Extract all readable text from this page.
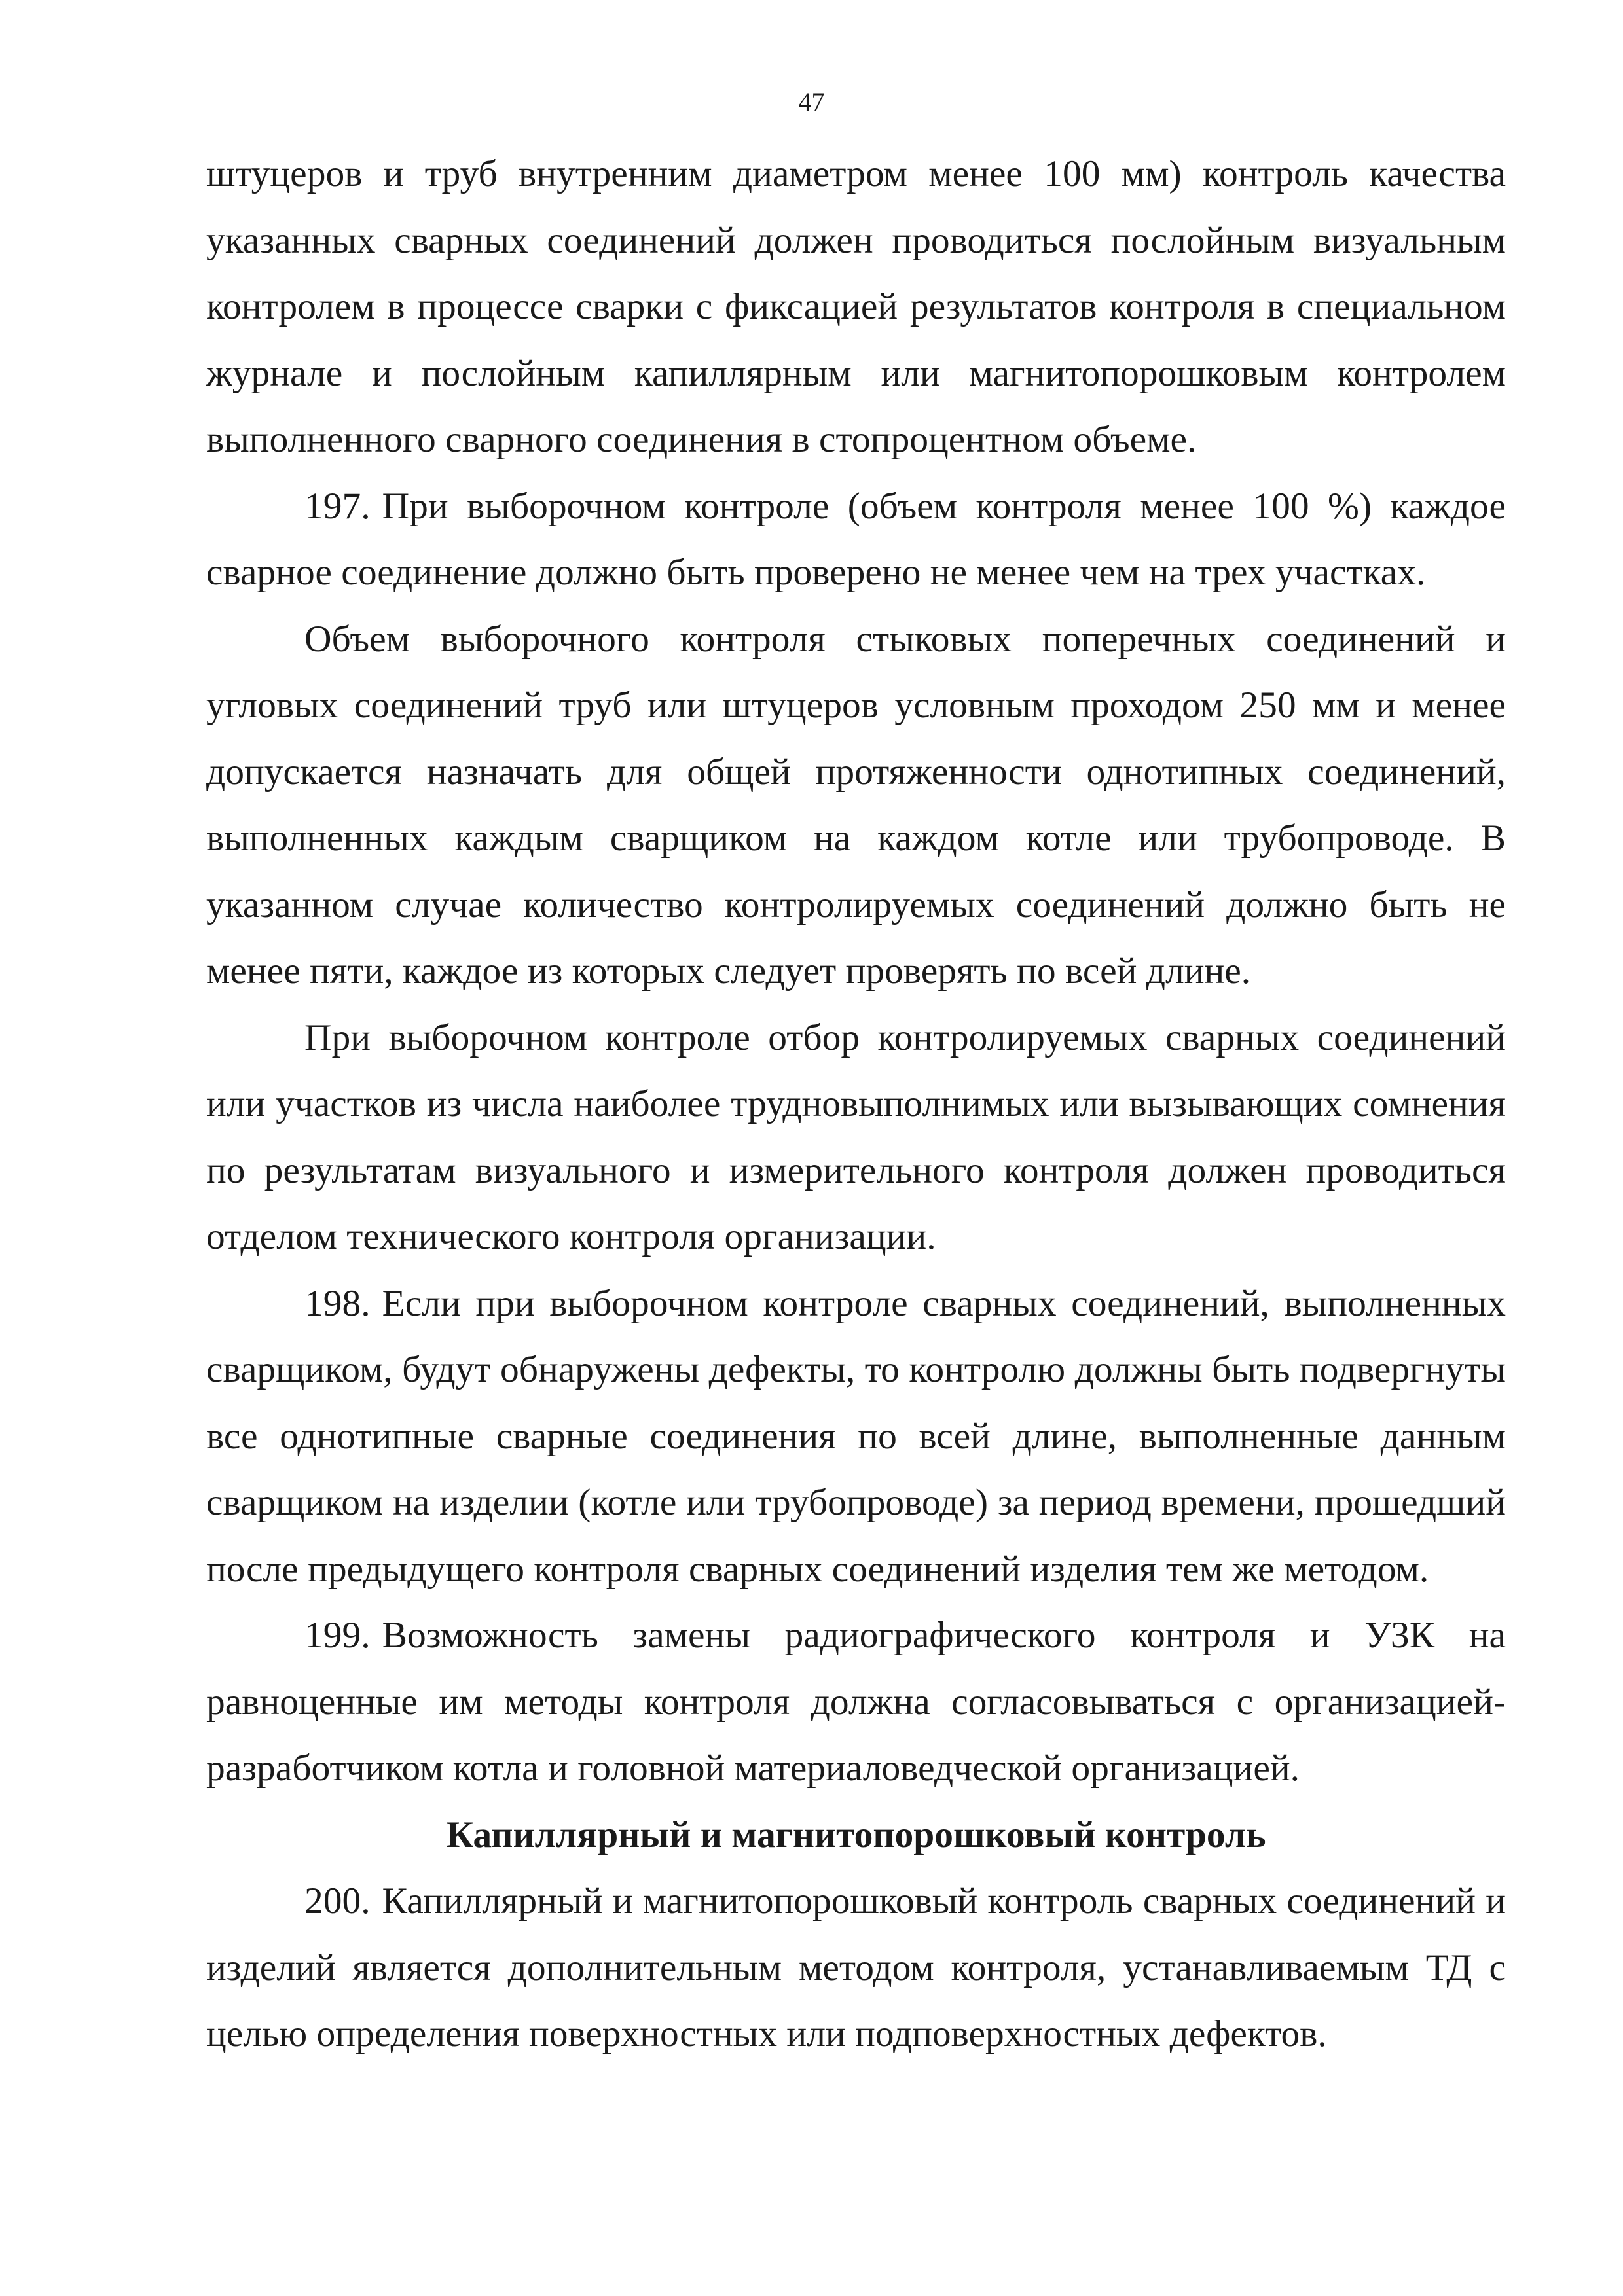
47

штуцеров и труб внутренним диаметром менее 100 мм) контроль качества указанных сварных соединений должен проводиться послойным визуальным контролем в процессе сварки с фиксацией результатов контроля в специальном журнале и послойным капиллярным или магнитопорошковым контролем выполненного сварного соединения в стопроцентном объеме.

197. При выборочном контроле (объем контроля менее 100 %) каждое сварное соединение должно быть проверено не менее чем на трех участках.

Объем выборочного контроля стыковых поперечных соединений и угловых соединений труб или штуцеров условным проходом 250 мм и менее допускается назначать для общей протяженности однотипных соединений, выполненных каждым сварщиком на каждом котле или трубопроводе. В указанном случае количество контролируемых соединений должно быть не менее пяти, каждое из которых следует проверять по всей длине.

При выборочном контроле отбор контролируемых сварных соединений или участков из числа наиболее трудновыполнимых или вызывающих сомнения по результатам визуального и измерительного контроля должен проводиться отделом технического контроля организации.

198. Если при выборочном контроле сварных соединений, выполненных сварщиком, будут обнаружены дефекты, то контролю должны быть подвергнуты все однотипные сварные соединения по всей длине, выполненные данным сварщиком на изделии (котле или трубопроводе) за период времени, прошедший после предыдущего контроля сварных соединений изделия тем же методом.

199. Возможность замены радиографического контроля и УЗК на равноценные им методы контроля должна согласовываться с организацией-разработчиком котла и головной материаловедческой организацией.

Капиллярный и магнитопорошковый контроль

200. Капиллярный и магнитопорошковый контроль сварных соединений и изделий является дополнительным методом контроля, устанавливаемым ТД с целью определения поверхностных или подповерхностных дефектов.
